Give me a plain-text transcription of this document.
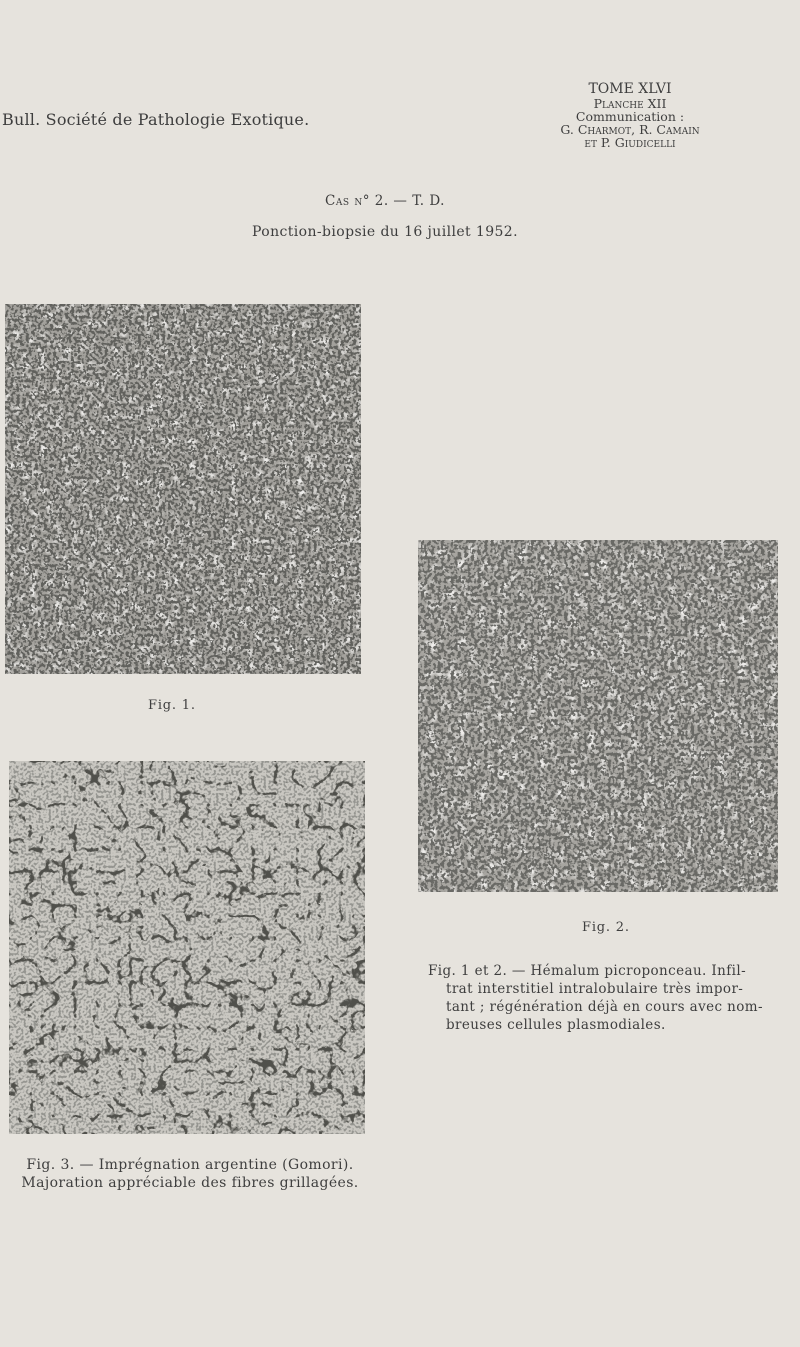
Bull. Société de Pathologie Exotique.
TOME XLVI
Planche XII
Communication :
G. Charmot, R. Camain
et P. Giudicelli
Cas n° 2. — T. D.
Ponction-biopsie du 16 juillet 1952.
Fig. 1.
Fig. 2.
Fig. 1 et 2. — Hémalum picroponceau. Infil-
trat interstitiel intralobulaire très impor-
tant ; régénération déjà en cours avec nom-
breuses cellules plasmodiales.
Fig. 3. — Imprégnation argentine (Gomori).
Majoration appréciable des fibres grillagées.
